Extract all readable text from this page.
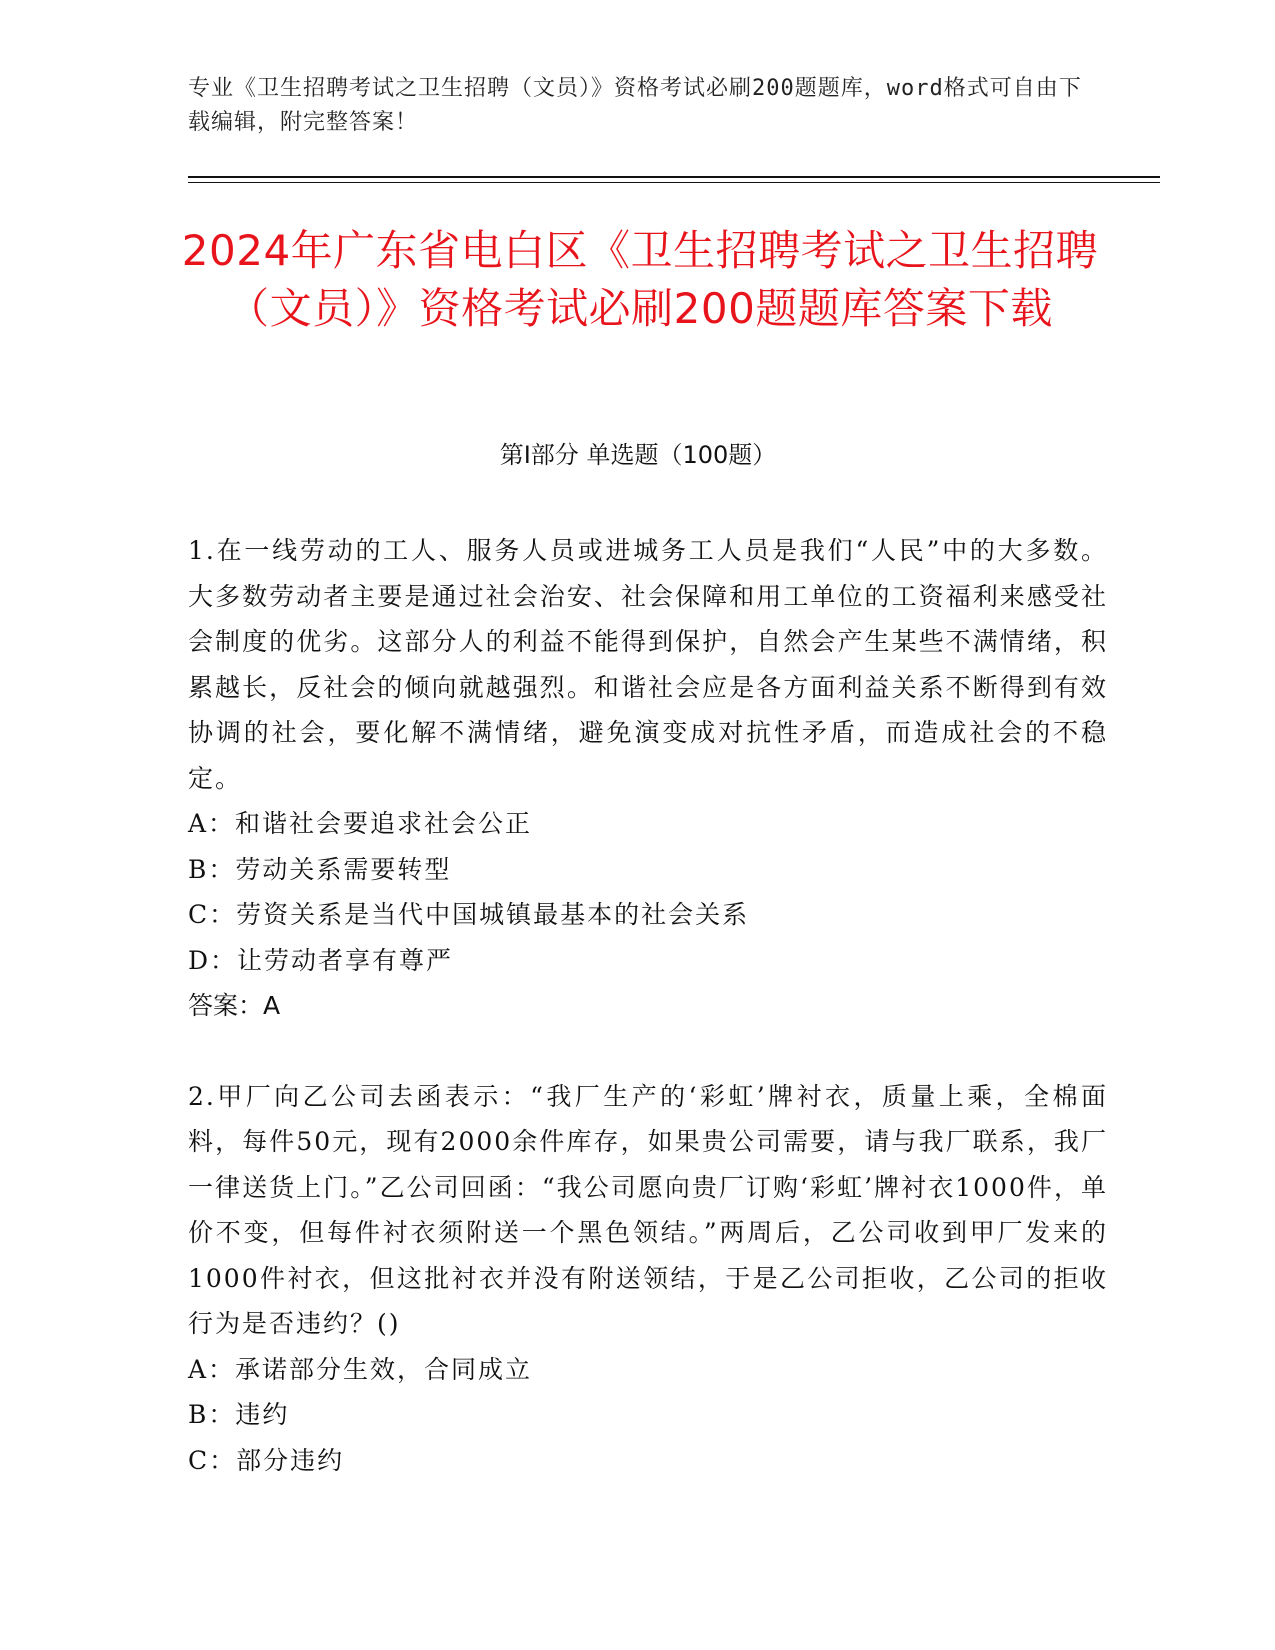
专业《卫生招聘考试之卫生招聘（文员）》资格考试必刷200题题库，word格式可自由下载编辑，附完整答案！
2024年广东省电白区《卫生招聘考试之卫生招聘（文员）》资格考试必刷200题题库答案下载
第I部分 单选题（100题）

1.在一线劳动的工人、服务人员或进城务工人员是我们“人民”中的大多数。大多数劳动者主要是通过社会治安、社会保障和用工单位的工资福利来感受社会制度的优劣。这部分人的利益不能得到保护，自然会产生某些不满情绪，积累越长，反社会的倾向就越强烈。和谐社会应是各方面利益关系不断得到有效协调的社会，要化解不满情绪，避免演变成对抗性矛盾，而造成社会的不稳定。

A：和谐社会要追求社会公正

B：劳动关系需要转型

C：劳资关系是当代中国城镇最基本的社会关系

D：让劳动者享有尊严

答案：A

2.甲厂向乙公司去函表示：“我厂生产的‘彩虹’牌衬衣，质量上乘，全棉面料，每件50元，现有2000余件库存，如果贵公司需要，请与我厂联系，我厂一律送货上门。”乙公司回函：“我公司愿向贵厂订购‘彩虹’牌衬衣1000件，单价不变，但每件衬衣须附送一个黑色领结。”两周后，乙公司收到甲厂发来的1000件衬衣，但这批衬衣并没有附送领结，于是乙公司拒收，乙公司的拒收行为是否违约？()

A：承诺部分生效，合同成立

B：违约

C：部分违约
